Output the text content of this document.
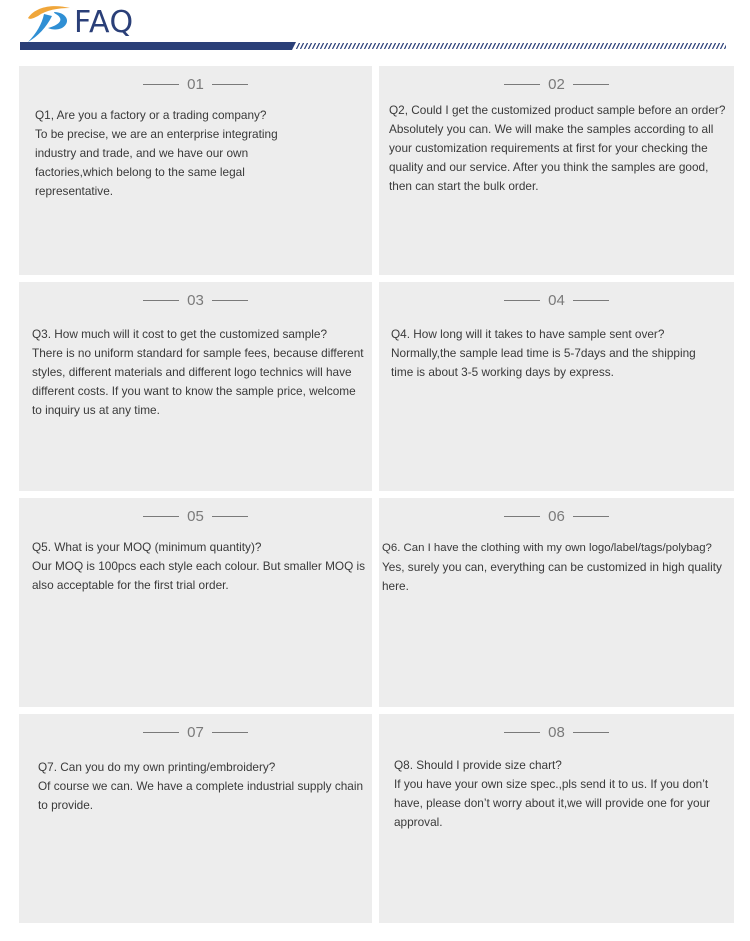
FAQ
01
Q1, Are you a factory or a trading company?
To be precise, we are an enterprise integrating industry and trade, and we have our own factories,which belong to the same legal representative.
02
Q2, Could I get the customized product sample before an order?
Absolutely you can. We will make the samples according to all your customization requirements at first for your checking the quality and our service. After you think the samples are good, then can start the bulk order.
03
Q3. How much will it cost to get the customized sample?
There is no uniform standard for sample fees, because different styles, different materials and different logo technics will have different costs. If you want to know the sample price, welcome to inquiry us at any time.
04
Q4. How long will it takes to have sample sent over?
Normally,the sample lead time is 5-7days and the shipping time is about 3-5 working days by express.
05
Q5. What is your MOQ (minimum quantity)?
Our MOQ is 100pcs each style each colour. But smaller MOQ is also acceptable for the first trial order.
06
Q6. Can I have the clothing with my own logo/label/tags/polybag?
Yes, surely you can, everything can be customized in high quality here.
07
Q7. Can you do my own printing/embroidery?
Of course we can. We have a complete industrial supply chain to provide.
08
Q8. Should I provide size chart?
If you have your own size spec.,pls send it to us. If you don’t have, please don’t worry about it,we will provide one for your approval.
